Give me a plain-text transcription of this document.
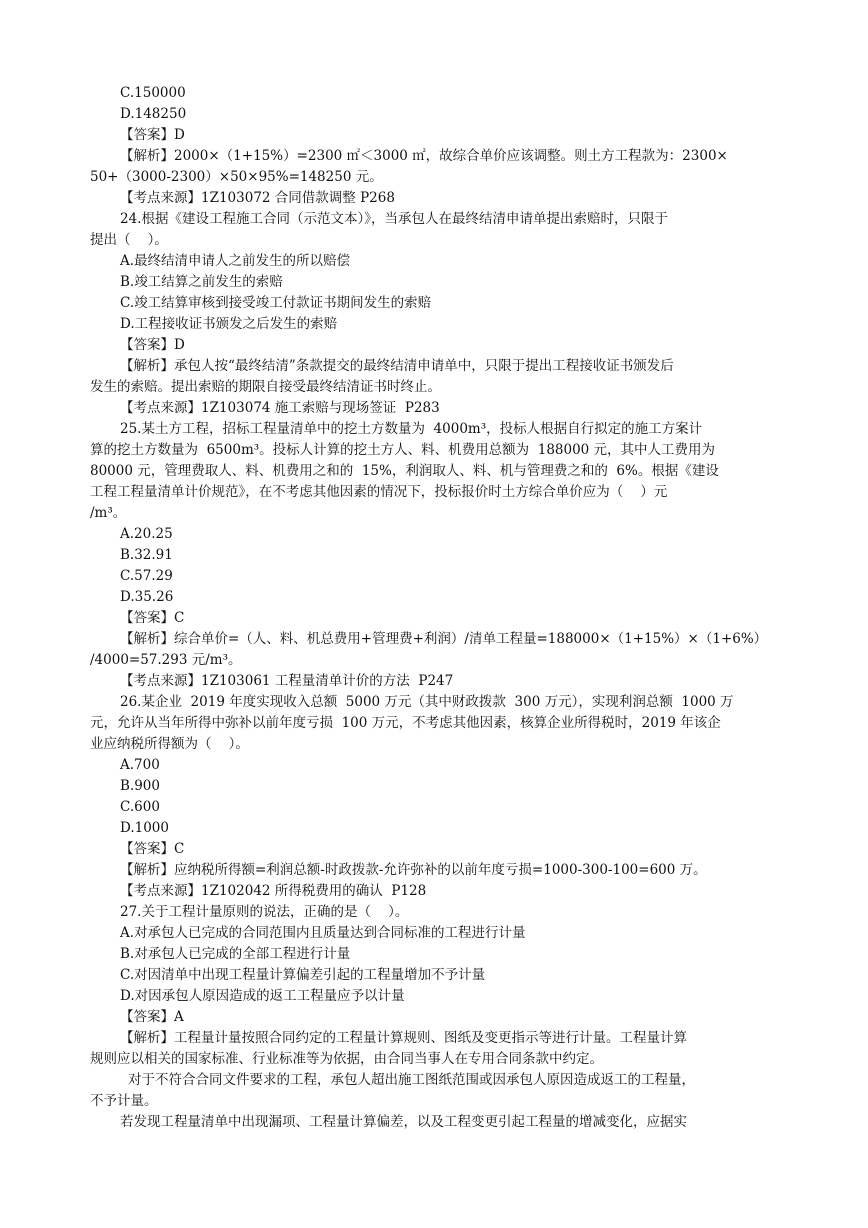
C.150000
D.148250
【答案】D
【解析】2000×（1+15%）=2300 ㎡＜3000 ㎡，故综合单价应该调整。则土方工程款为：2300×
50+（3000-2300）×50×95%=148250 元。
【考点来源】1Z103072 合同借款调整 P268
24.根据《建设工程施工合同（示范文本）》，当承包人在最终结清申请单提出索赔时，只限于
提出（    ）。
A.最终结清申请人之前发生的所以赔偿
B.竣工结算之前发生的索赔
C.竣工结算审核到接受竣工付款证书期间发生的索赔
D.工程接收证书颁发之后发生的索赔
【答案】D
【解析】承包人按“最终结清”条款提交的最终结清申请单中，只限于提出工程接收证书颁发后
发生的索赔。提出索赔的期限自接受最终结清证书时终止。
【考点来源】1Z103074 施工索赔与现场签证  P283
25.某土方工程，招标工程量清单中的挖土方数量为  4000m³，投标人根据自行拟定的施工方案计
算的挖土方数量为  6500m³。投标人计算的挖土方人、料、机费用总额为  188000 元，其中人工费用为
80000 元，管理费取人、料、机费用之和的  15%，利润取人、料、机与管理费之和的  6%。根据《建设
工程工程量清单计价规范》，在不考虑其他因素的情况下，投标报价时土方综合单价应为（    ）元
/m³。
A.20.25
B.32.91
C.57.29
D.35.26
【答案】C
【解析】综合单价=（人、料、机总费用+管理费+利润）/清单工程量=188000×（1+15%）×（1+6%）
/4000=57.293 元/m³。
【考点来源】1Z103061 工程量清单计价的方法  P247
26.某企业  2019 年度实现收入总额  5000 万元（其中财政拨款  300 万元），实现利润总额  1000 万
元，允许从当年所得中弥补以前年度亏损  100 万元，不考虑其他因素，核算企业所得税时，2019 年该企
业应纳税所得额为（    ）。
A.700
B.900
C.600
D.1000
【答案】C
【解析】应纳税所得额=利润总额-时政拨款-允许弥补的以前年度亏损=1000-300-100=600 万。
【考点来源】1Z102042 所得税费用的确认  P128
27.关于工程计量原则的说法，正确的是（    ）。
A.对承包人已完成的合同范围内且质量达到合同标准的工程进行计量
B.对承包人已完成的全部工程进行计量
C.对因清单中出现工程量计算偏差引起的工程量增加不予计量
D.对因承包人原因造成的返工工程量应予以计量
【答案】A
【解析】工程量计量按照合同约定的工程量计算规则、图纸及变更指示等进行计量。工程量计算
规则应以相关的国家标准、行业标准等为依据，由合同当事人在专用合同条款中约定。
对于不符合合同文件要求的工程，承包人超出施工图纸范围或因承包人原因造成返工的工程量，
不予计量。
若发现工程量清单中出现漏项、工程量计算偏差，以及工程变更引起工程量的增减变化，应据实
